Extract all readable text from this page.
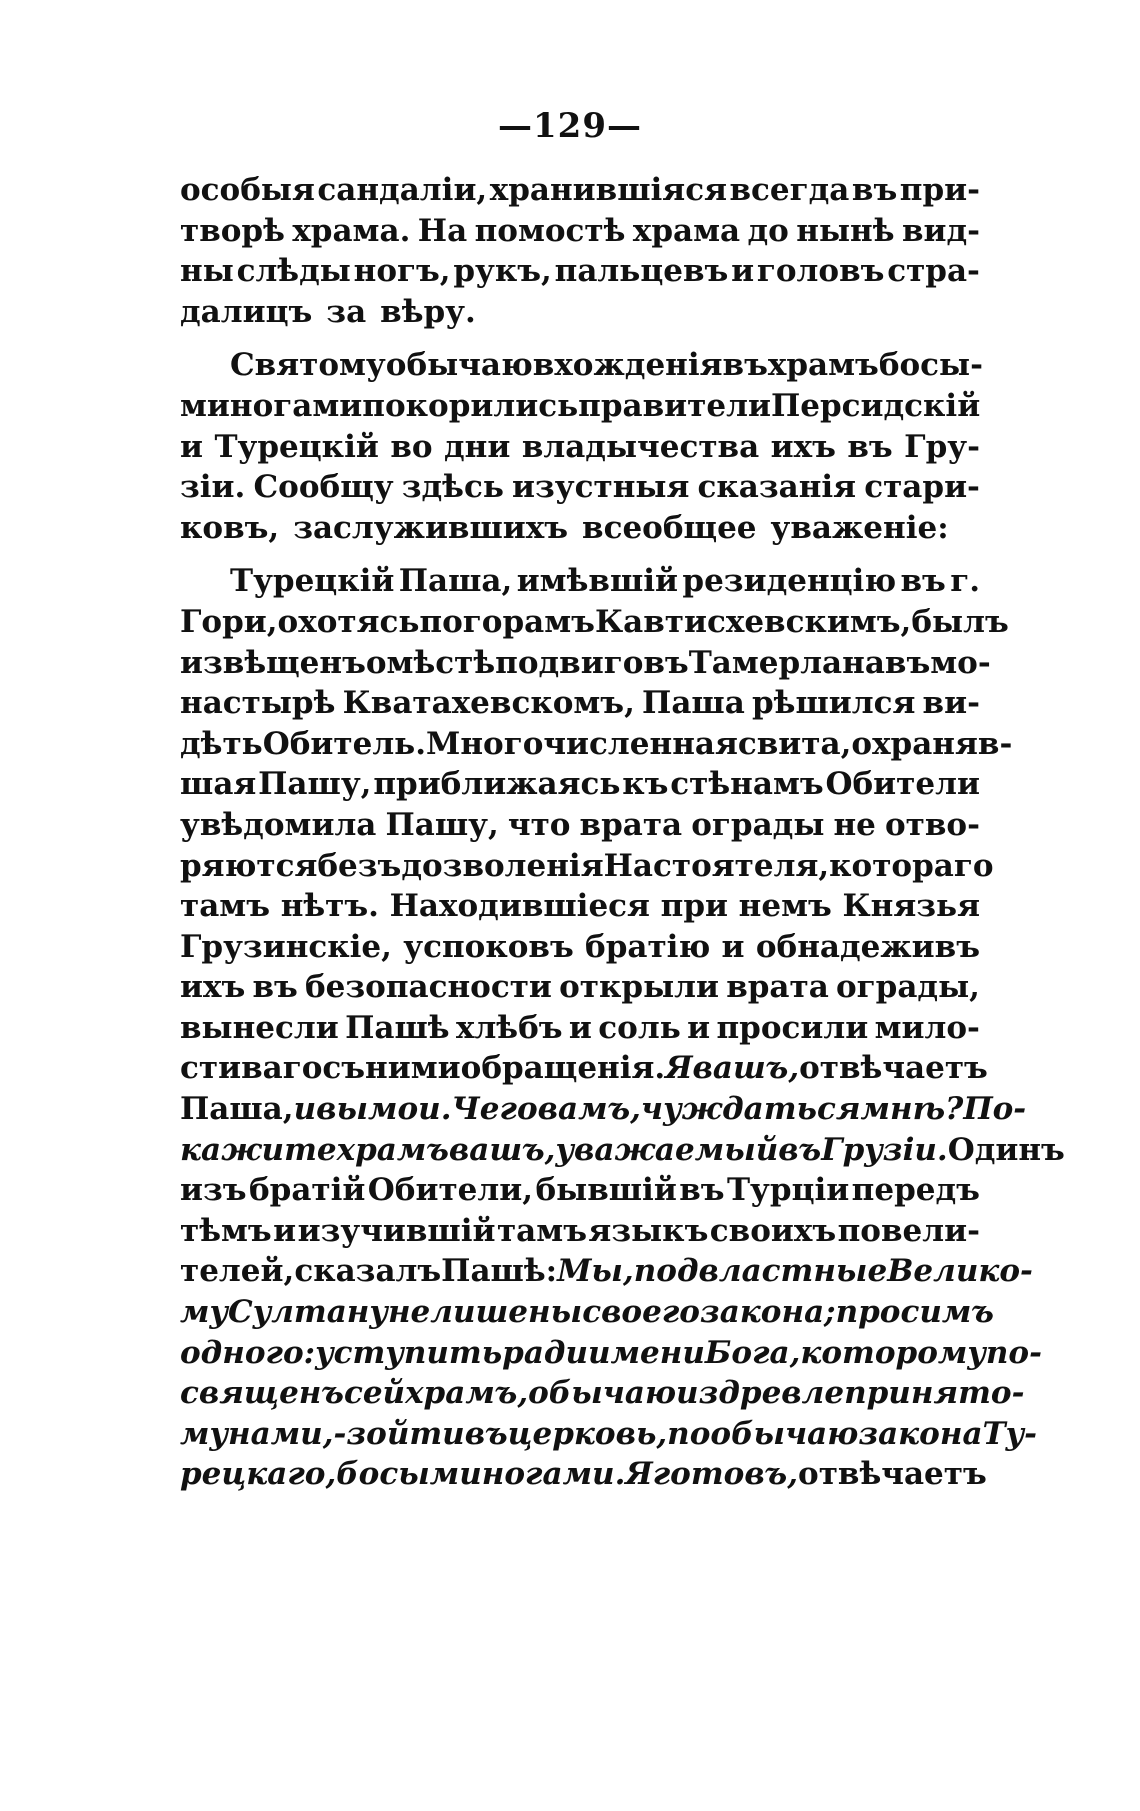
—129—
особыя сандаліи, хранившіяся всегда въ при-
творѣ храма. На помостѣ храма до нынѣ вид-
ны слѣды ногъ, рукъ, пальцевъ и головъ стра-
далицъ за вѣру.
Святому обычаю вхожденія въ храмъ босы-
ми ногами покорились правители Персидскій
и Турецкій во дни владычества ихъ въ Гру-
зіи. Сообщу здѣсь изустныя сказанія стари-
ковъ, заслужившихъ всеобщее уваженіе:
Турецкій Паша, имѣвшій резиденцію въ г.
Гори,охотясь по горамъ Кавтисхевскимъ, былъ
извѣщенъ о мѣстѣ подвиговъ Тамерлана въ мо-
настырѣ Кватахевскомъ, Паша рѣшился ви-
дѣть Обитель. Многочисленная свита, охраняв-
шая Пашу, приближаясь къ стѣнамъ Обители
увѣдомила Пашу, что врата ограды не отво-
ряются безъ дозволенія Настоятеля, котораго
тамъ нѣтъ. Находившіеся при немъ Князья
Грузинскіе, успоковъ братію и обнадеживъ
ихъ въ безопасности открыли врата ограды,
вынесли Пашѣ хлѣбъ и соль и просили мило-
стиваго съ ними обращенія. Я вашъ, отвѣчаетъ
Паша, и вы мои. Чего вамъ, чуждаться мнѣ? По-
кажите храмъ вашъ,уважаемый въ Грузіи. Одинъ
изъ братій Обители, бывшій въ Турціи передъ
тѣмъ и изучившій тамъ языкъ своихъ повели-
телей, сказалъ Пашѣ: Мы, подвластные Велико-
му Султану не лишены своего закона; просимъ
одного: уступить ради имени Бога,которому по-
священъ сей храмъ, обычаю издревле принято-
му нами,-зойти въ церковь,по обычаю закона Ту-
рецкаго, босыми ногами. Я готовъ, отвѣчаетъ
